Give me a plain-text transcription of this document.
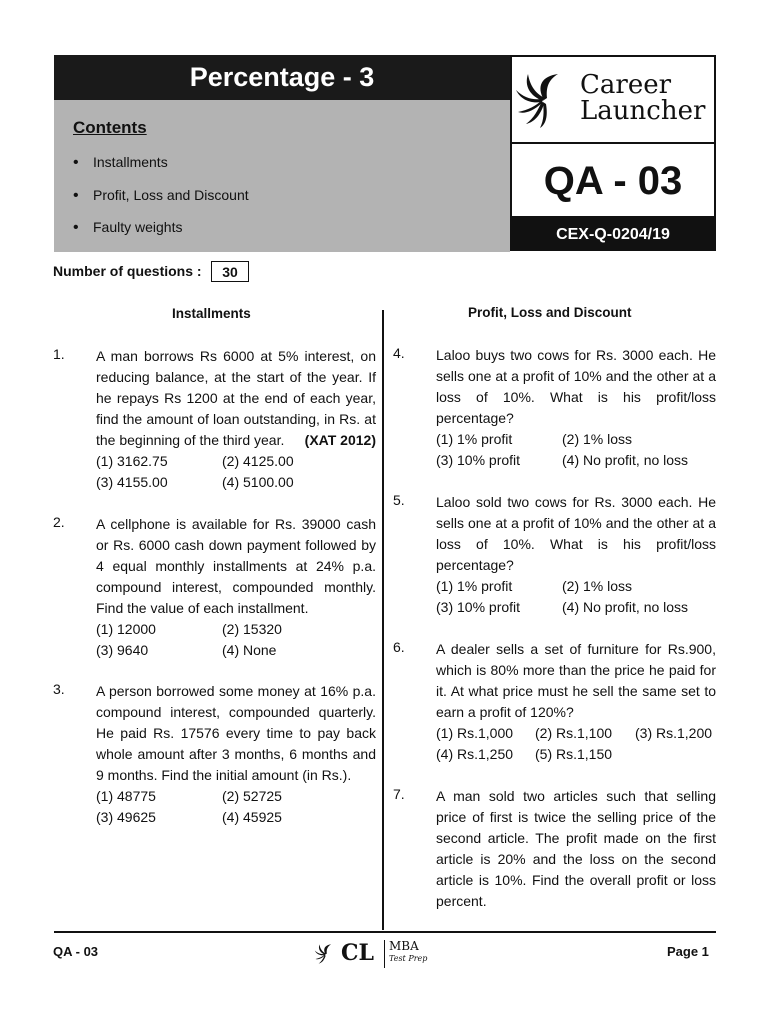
Percentage - 3
Contents
• Installments
• Profit, Loss and Discount
• Faulty weights
Career
Launcher
QA - 03
CEX-Q-0204/19
Number of questions :	30
Installments	Profit, Loss and Discount
1. A man borrows Rs 6000 at 5% interest, on reducing balance, at the start of the year. If he repays Rs 1200 at the end of each year, find the amount of loan outstanding, in Rs. at the beginning of the third year. (XAT 2012)
(1) 3162.75	(2) 4125.00
(3) 4155.00	(4) 5100.00
2. A cellphone is available for Rs. 39000 cash or Rs. 6000 cash down payment followed by 4 equal monthly installments at 24% p.a. compound interest, compounded monthly. Find the value of each installment.
(1) 12000	(2) 15320
(3) 9640	(4) None
3. A person borrowed some money at 16% p.a. compound interest, compounded quarterly. He paid Rs. 17576 every time to pay back whole amount after 3 months, 6 months and 9 months. Find the initial amount (in Rs.).
(1) 48775	(2) 52725
(3) 49625	(4) 45925
4. Laloo buys two cows for Rs. 3000 each. He sells one at a profit of 10% and the other at a loss of 10%. What is his profit/loss percentage?
(1) 1% profit	(2) 1% loss
(3) 10% profit	(4) No profit, no loss
5. Laloo sold two cows for Rs. 3000 each. He sells one at a profit of 10% and the other at a loss of 10%. What is his profit/loss percentage?
(1) 1% profit	(2) 1% loss
(3) 10% profit	(4) No profit, no loss
6. A dealer sells a set of furniture for Rs.900, which is 80% more than the price he paid for it. At what price must he sell the same set to earn a profit of 120%?
(1) Rs.1,000 (2) Rs.1,100 (3) Rs.1,200
(4) Rs.1,250 (5) Rs.1,150
7. A man sold two articles such that selling price of first is twice the selling price of the second article. The profit made on the first article is 20% and the loss on the second article is 10%. Find the overall profit or loss percent.
QA - 03	CL MBA
Test Prep	Page 1
